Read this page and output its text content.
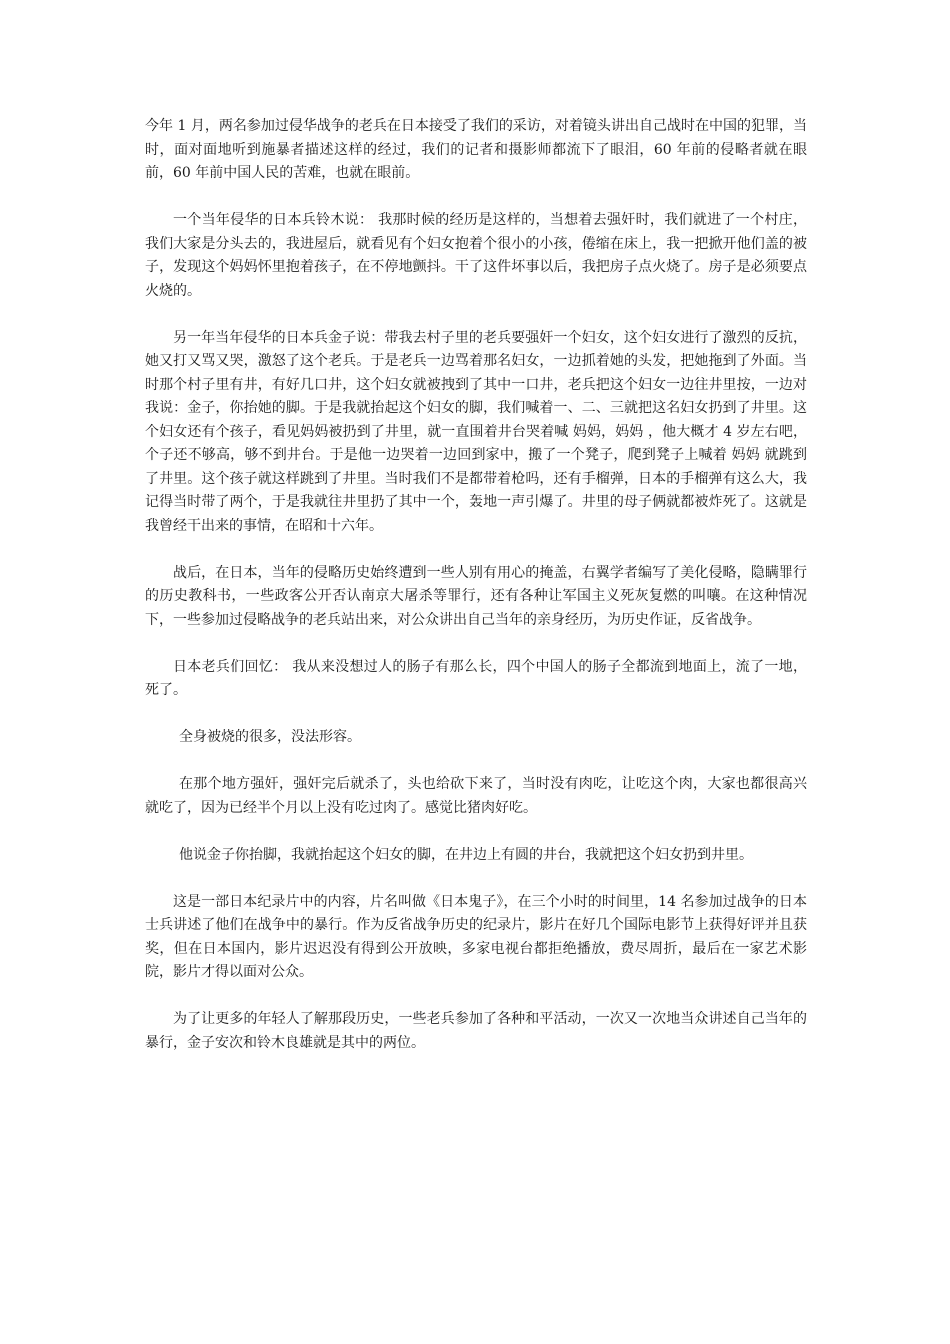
今年 1 月，两名参加过侵华战争的老兵在日本接受了我们的采访，对着镜头讲出自己战时在中国的犯罪，当时，面对面地听到施暴者描述这样的经过，我们的记者和摄影师都流下了眼泪，60 年前的侵略者就在眼前，60 年前中国人民的苦难，也就在眼前。

一个当年侵华的日本兵铃木说： 我那时候的经历是这样的，当想着去强奸时，我们就进了一个村庄，我们大家是分头去的，我进屋后，就看见有个妇女抱着个很小的小孩，倦缩在床上，我一把掀开他们盖的被子，发现这个妈妈怀里抱着孩子，在不停地颤抖。干了这件坏事以后，我把房子点火烧了。房子是必须要点火烧的。

另一年当年侵华的日本兵金子说：带我去村子里的老兵要强奸一个妇女，这个妇女进行了激烈的反抗，她又打又骂又哭，激怒了这个老兵。于是老兵一边骂着那名妇女，一边抓着她的头发，把她拖到了外面。当时那个村子里有井，有好几口井，这个妇女就被拽到了其中一口井，老兵把这个妇女一边往井里按，一边对我说：金子，你抬她的脚。于是我就抬起这个妇女的脚，我们喊着一、二、三就把这名妇女扔到了井里。这个妇女还有个孩子，看见妈妈被扔到了井里，就一直围着井台哭着喊 妈妈，妈妈 ，他大概才 4 岁左右吧，个子还不够高，够不到井台。于是他一边哭着一边回到家中，搬了一个凳子，爬到凳子上喊着 妈妈 就跳到了井里。这个孩子就这样跳到了井里。当时我们不是都带着枪吗，还有手榴弹，日本的手榴弹有这么大，我记得当时带了两个，于是我就往井里扔了其中一个，轰地一声引爆了。井里的母子俩就都被炸死了。这就是我曾经干出来的事情，在昭和十六年。

战后，在日本，当年的侵略历史始终遭到一些人别有用心的掩盖，右翼学者编写了美化侵略，隐瞒罪行的历史教科书，一些政客公开否认南京大屠杀等罪行，还有各种让军国主义死灰复燃的叫嚷。在这种情况下，一些参加过侵略战争的老兵站出来，对公众讲出自己当年的亲身经历，为历史作证，反省战争。

日本老兵们回忆： 我从来没想过人的肠子有那么长，四个中国人的肠子全都流到地面上，流了一地，死了。

全身被烧的很多，没法形容。

在那个地方强奸，强奸完后就杀了，头也给砍下来了，当时没有肉吃，让吃这个肉，大家也都很高兴就吃了，因为已经半个月以上没有吃过肉了。感觉比猪肉好吃。

他说金子你抬脚，我就抬起这个妇女的脚，在井边上有圆的井台，我就把这个妇女扔到井里。

这是一部日本纪录片中的内容，片名叫做《日本鬼子》，在三个小时的时间里，14 名参加过战争的日本士兵讲述了他们在战争中的暴行。作为反省战争历史的纪录片，影片在好几个国际电影节上获得好评并且获奖，但在日本国内，影片迟迟没有得到公开放映，多家电视台都拒绝播放，费尽周折，最后在一家艺术影院，影片才得以面对公众。

为了让更多的年轻人了解那段历史，一些老兵参加了各种和平活动，一次又一次地当众讲述自己当年的暴行，金子安次和铃木良雄就是其中的两位。
